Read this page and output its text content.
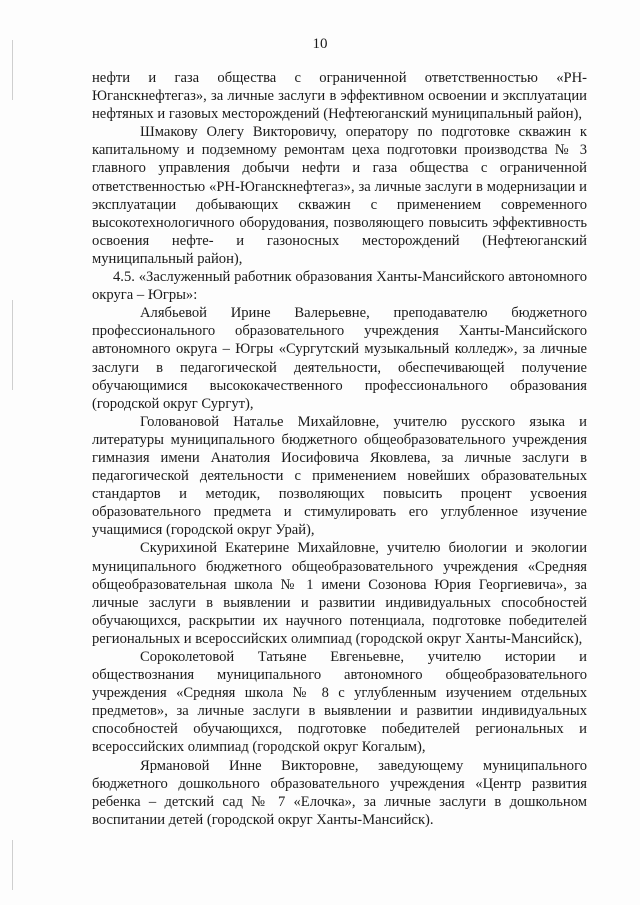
10

нефти и газа общества с ограниченной ответственностью «РН-Юганскнефтегаз», за личные заслуги в эффективном освоении и эксплуатации нефтяных и газовых месторождений (Нефтеюганский муниципальный район),

Шмакову Олегу Викторовичу, оператору по подготовке скважин к капитальному и подземному ремонтам цеха подготовки производства № 3 главного управления добычи нефти и газа общества с ограниченной ответственностью «РН-Юганскнефтегаз», за личные заслуги в модернизации и эксплуатации добывающих скважин с применением современного высокотехнологичного оборудования, позволяющего повысить эффективность освоения нефте- и газоносных месторождений (Нефтеюганский муниципальный район),

4.5. «Заслуженный работник образования Ханты-Мансийского автономного округа – Югры»:

Алябьевой Ирине Валерьевне, преподавателю бюджетного профессионального образовательного учреждения Ханты-Мансийского автономного округа – Югры «Сургутский музыкальный колледж», за личные заслуги в педагогической деятельности, обеспечивающей получение обучающимися высококачественного профессионального образования (городской округ Сургут),

Головановой Наталье Михайловне, учителю русского языка и литературы муниципального бюджетного общеобразовательного учреждения гимназия имени Анатолия Иосифовича Яковлева, за личные заслуги в педагогической деятельности с применением новейших образовательных стандартов и методик, позволяющих повысить процент усвоения образовательного предмета и стимулировать его углубленное изучение учащимися (городской округ Урай),

Скурихиной Екатерине Михайловне, учителю биологии и экологии муниципального бюджетного общеобразовательного учреждения «Средняя общеобразовательная школа № 1 имени Созонова Юрия Георгиевича», за личные заслуги в выявлении и развитии индивидуальных способностей обучающихся, раскрытии их научного потенциала, подготовке победителей региональных и всероссийских олимпиад (городской округ Ханты-Мансийск),

Сороколетовой Татьяне Евгеньевне, учителю истории и обществознания муниципального автономного общеобразовательного учреждения «Средняя школа № 8 с углубленным изучением отдельных предметов», за личные заслуги в выявлении и развитии индивидуальных способностей обучающихся, подготовке победителей региональных и всероссийских олимпиад (городской округ Когалым),

Ярмановой Инне Викторовне, заведующему муниципального бюджетного дошкольного образовательного учреждения «Центр развития ребенка – детский сад № 7 «Елочка», за личные заслуги в дошкольном воспитании детей (городской округ Ханты-Мансийск).
